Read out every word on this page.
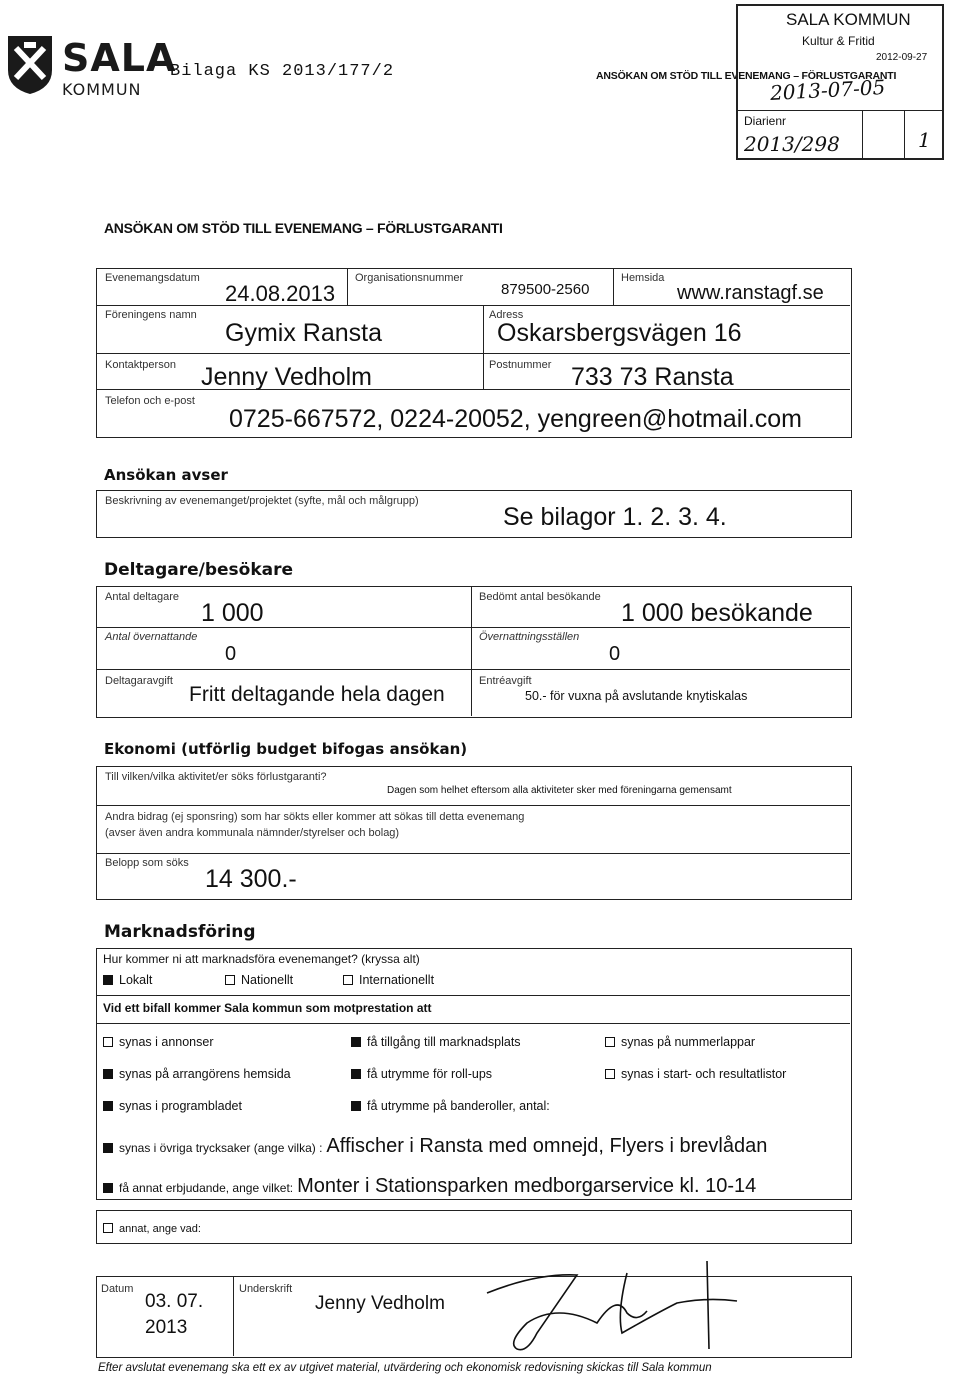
SALA
KOMMUN
Bilaga KS 2013/177/2	ANSÖKAN OM STÖD TILL EVENEMANG – FÖRLUSTGARANTI
SALA KOMMUN
Kultur & Fritid
2012-09-27
2013-07-05
Diarienr
2013/298	1
ANSÖKAN OM STÖD TILL EVENEMANG – FÖRLUSTGARANTI
Evenemangsdatum
24.08.2013
Organisationsnummer
879500-2560
Hemsida
www.ranstagf.se
Föreningens namn
Gymix Ransta
Adress
Oskarsbergsvägen 16
Kontaktperson Jenny Vedholm	Postnummer 733 73 Ransta
Telefon och e-post
0725-667572, 0224-20052, yengreen@hotmail.com
Ansökan avser
Beskrivning av evenemanget/projektet (syfte, mål och målgrupp)
Se bilagor 1. 2. 3. 4.
Deltagare/besökare
Antal deltagare
1 000
Bedömt antal besökande
1 000 besökande
Antal övernattande
0
Övernattningsställen
0
Deltagaravgift
Fritt deltagande hela dagen
Entréavgift
50.- för vuxna på avslutande knytiskalas
Ekonomi (utförlig budget bifogas ansökan)
Till vilken/vilka aktivitet/er söks förlustgaranti?
Dagen som helhet eftersom alla aktiviteter sker med föreningarna gemensamt
Andra bidrag (ej sponsring) som har sökts eller kommer att sökas till detta evenemang
(avser även andra kommunala nämnder/styrelser och bolag)
Belopp som söks
14 300.-
Marknadsföring
Hur kommer ni att marknadsföra evenemanget? (kryssa alt)
Lokalt	Nationellt	Internationellt
Vid ett bifall kommer Sala kommun som motprestation att
synas i annonser
synas på arrangörens hemsida
synas i programbladet
få tillgång till marknadsplats
få utrymme för roll-ups
få utrymme på banderoller, antal:
synas på nummerlappar
synas i start- och resultatlistor
synas i övriga trycksaker (ange vilka) : Affischer i Ransta med omnejd, Flyers i brevlådan
få annat erbjudande, ange vilket: Monter i Stationsparken medborgarservice kl. 10-14
annat, ange vad:
Datum
03. 07.
2013
Underskrift
Jenny Vedholm
Efter avslutat evenemang ska ett ex av utgivet material, utvärdering och ekonomisk redovisning skickas till Sala kommun
